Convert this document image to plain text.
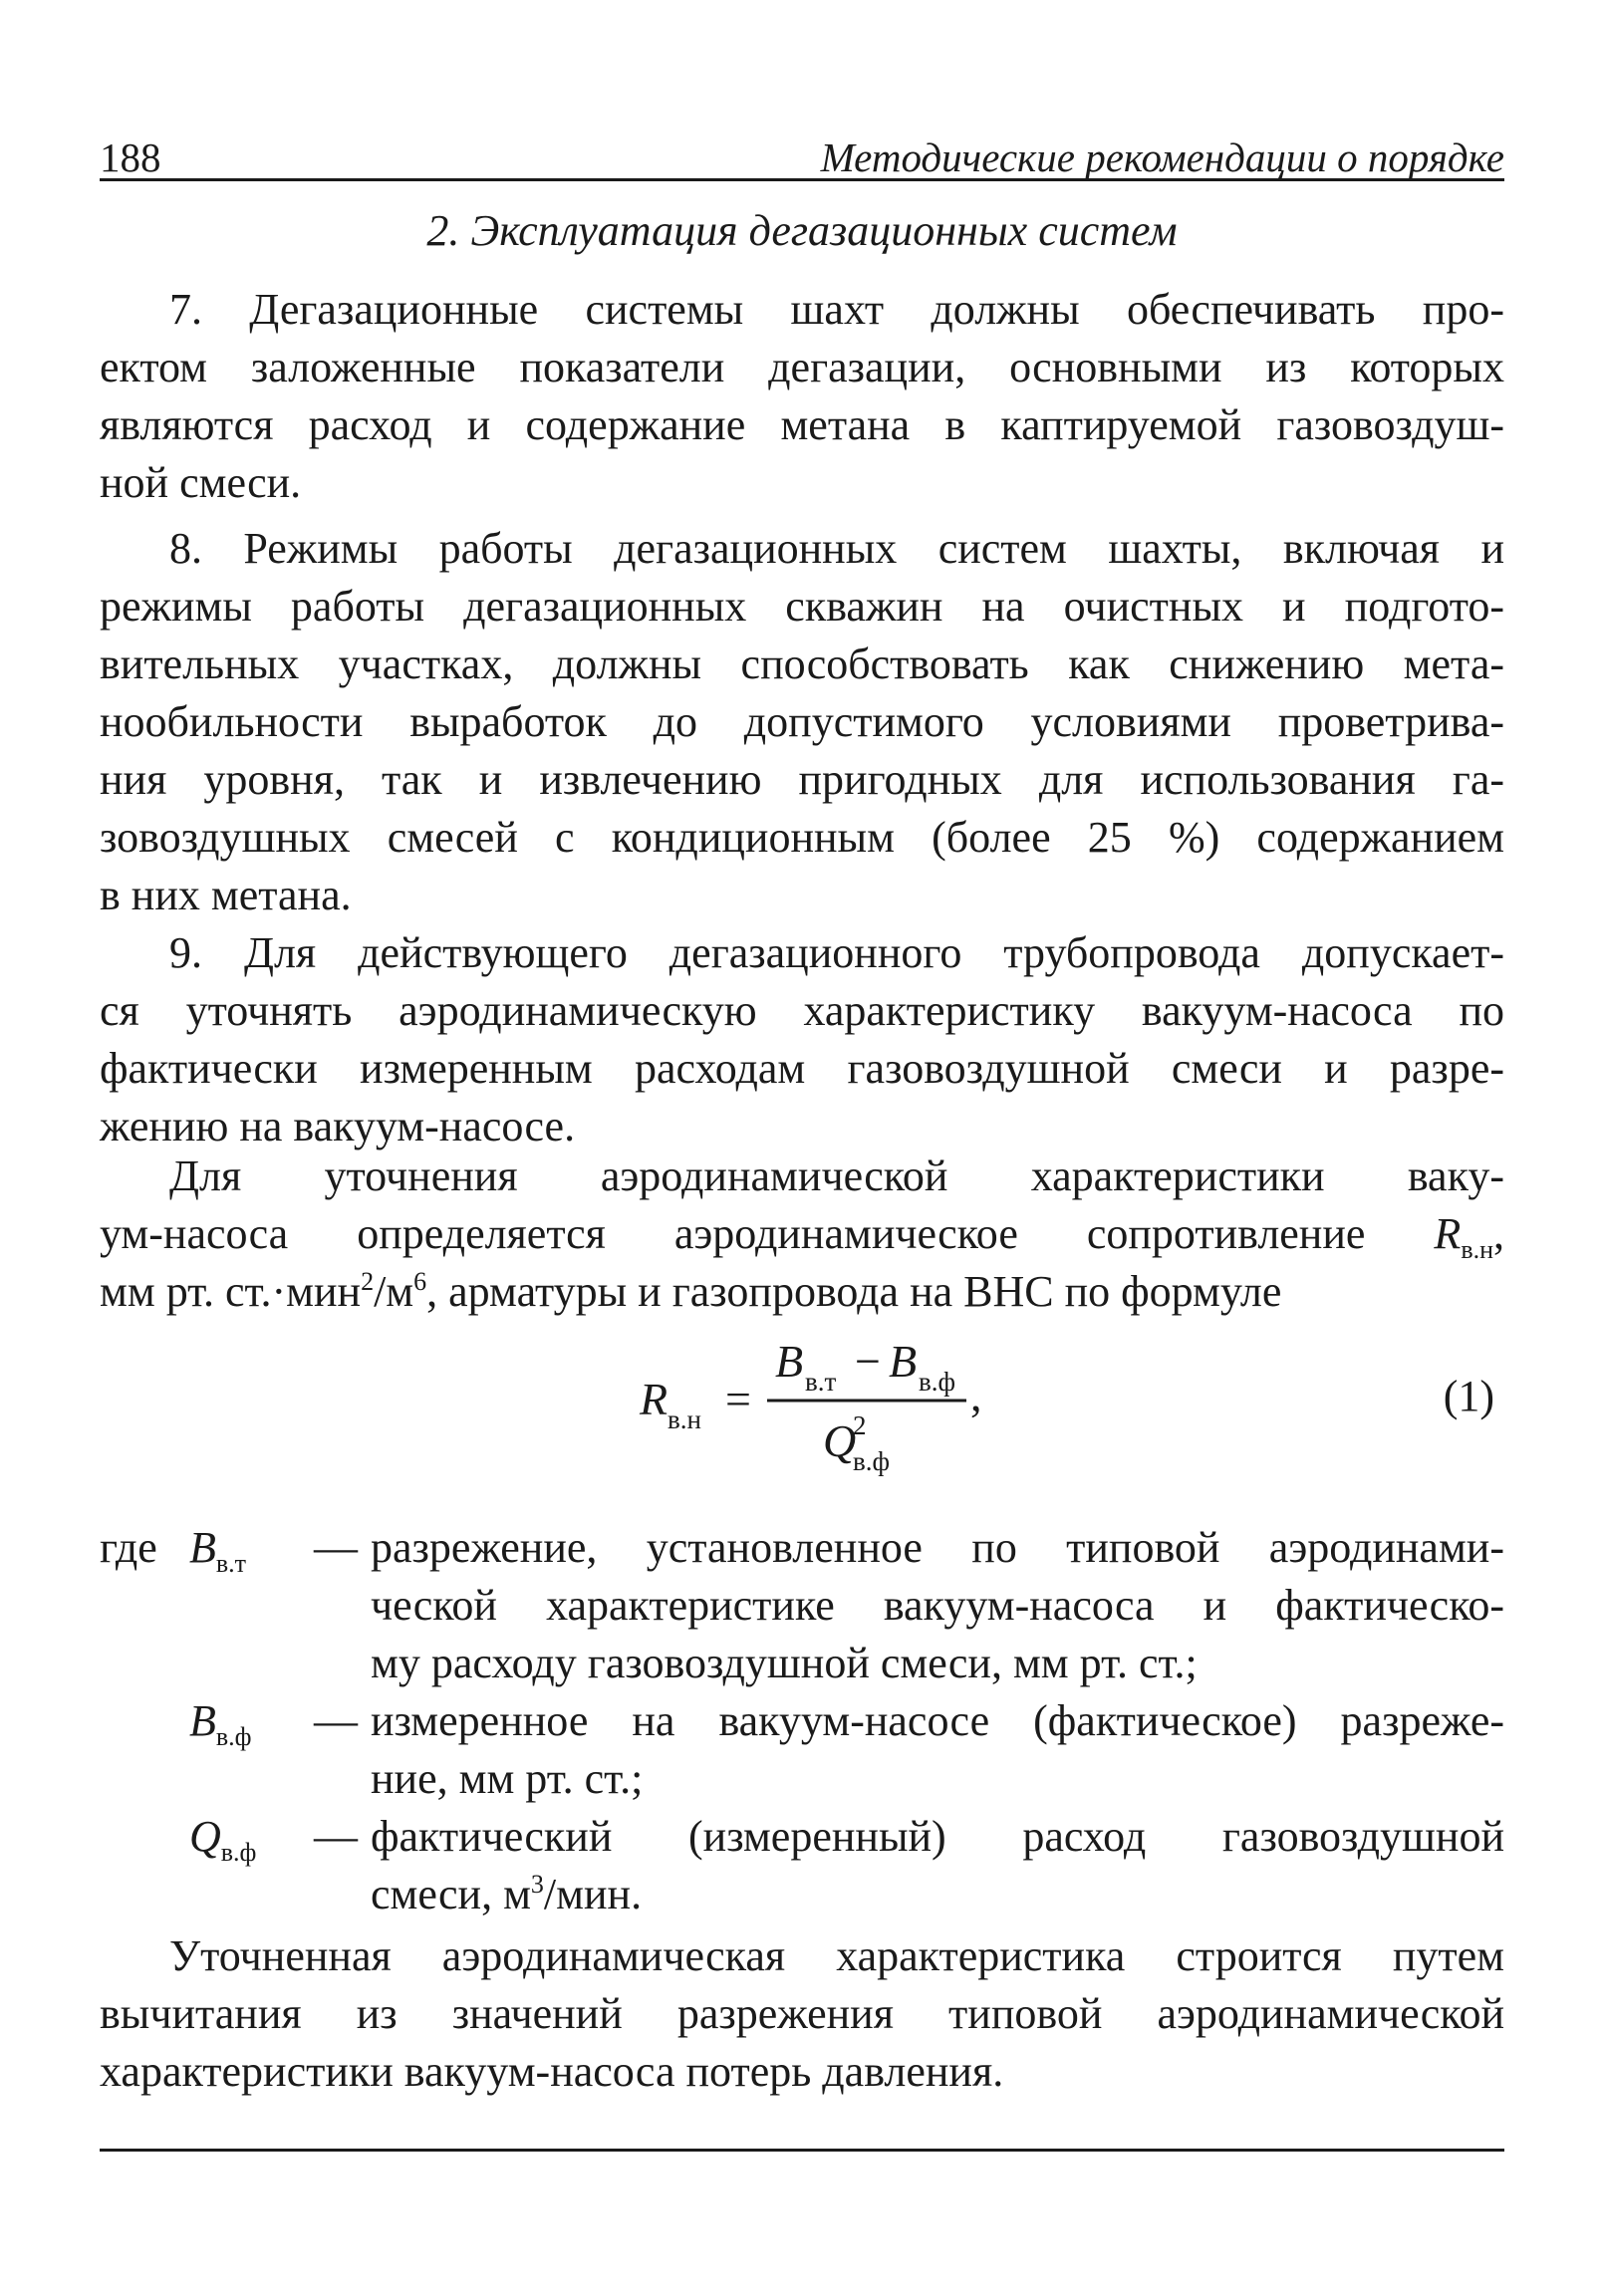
188	Методические рекомендации о порядке
2. Эксплуатация дегазационных систем
7. Дегазационные системы шахт должны обеспечивать про-
ектом заложенные показатели дегазации, основными из которых
являются расход и содержание метана в каптируемой газовоздуш-
ной смеси.
8. Режимы работы дегазационных систем шахты, включая и
режимы работы дегазационных скважин на очистных и подгото-
вительных участках, должны способствовать как снижению мета-
нообильности выработок до допустимого условиями проветрива-
ния уровня, так и извлечению пригодных для использования га-
зовоздушных смесей с кондиционным (более 25 %) содержанием
в них метана.
9. Для действующего дегазационного трубопровода допускает-
ся уточнять аэродинамическую характеристику вакуум-насоса по
фактически измеренным расходам газовоздушной смеси и разре-
жению на вакуум-насосе.
Для уточнения аэродинамической характеристики ваку-
ум-насоса определяется аэродинамическое сопротивление $R_{в.н}$,
мм рт. $ст.\cdot мин^2/м^6$, арматуры и газопровода на ВНС по формуле
R в.н =
B в.т − B в.ф
Q
2
в.ф
,	(1)
где $B_{в.т}$ — разрежение, установленное по типовой аэродинами-
ческой характеристике вакуум-насоса и фактическо-
му расходу газовоздушной смеси, мм рт. ст.;
$B_{в.ф}$ — измеренное на вакуум-насосе (фактическое) разреже-
ние, мм рт. ст.;
$Q_{в.ф}$ — фактический (измеренный) расход газовоздушной
смеси, $м^3$/мин.
Уточненная аэродинамическая характеристика строится путем
вычитания из значений разрежения типовой аэродинамической
характеристики вакуум-насоса потерь давления.
